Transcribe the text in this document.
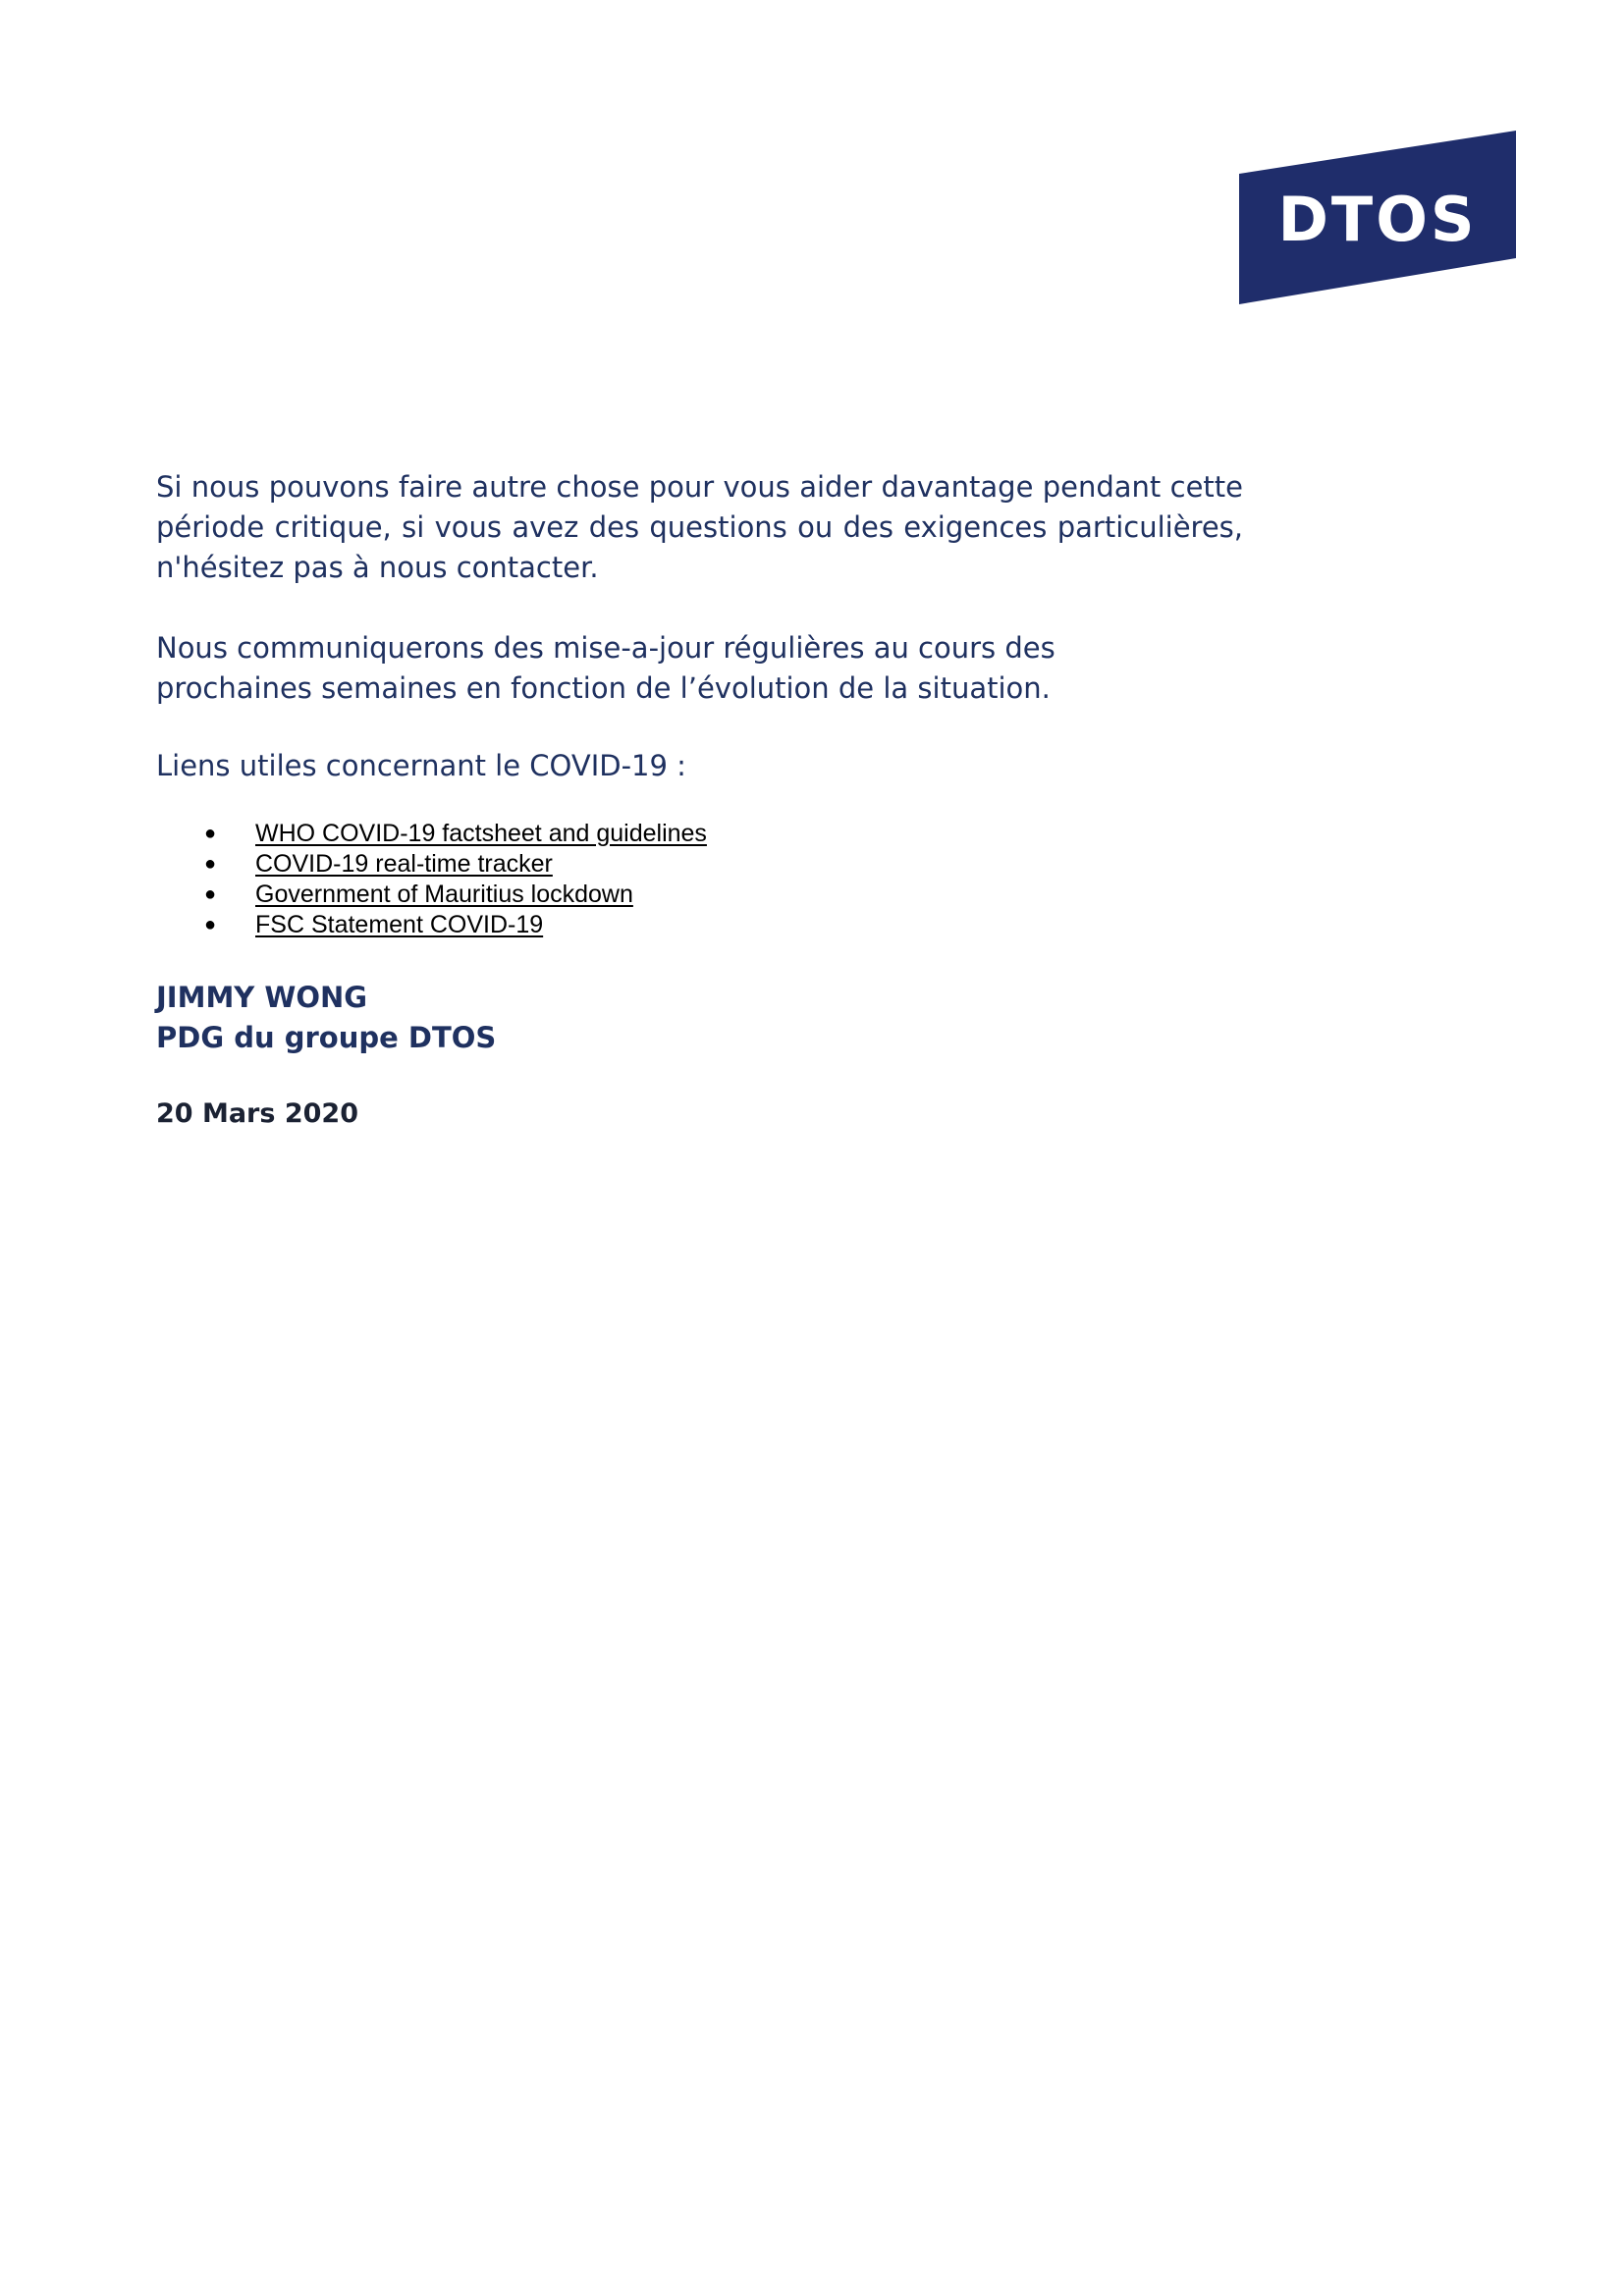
DTOS

Si nous pouvons faire autre chose pour vous aider davantage pendant cette période critique, si vous avez des questions ou des exigences particulières, n'hésitez pas à nous contacter.

Nous communiquerons des mise-a-jour régulières au cours des prochaines semaines en fonction de l’évolution de la situation.

Liens utiles concernant le COVID-19 :

● WHO COVID-19 factsheet and guidelines
● COVID-19 real-time tracker
● Government of Mauritius lockdown
● FSC Statement COVID-19

JIMMY WONG

PDG du groupe DTOS

20 Mars 2020
